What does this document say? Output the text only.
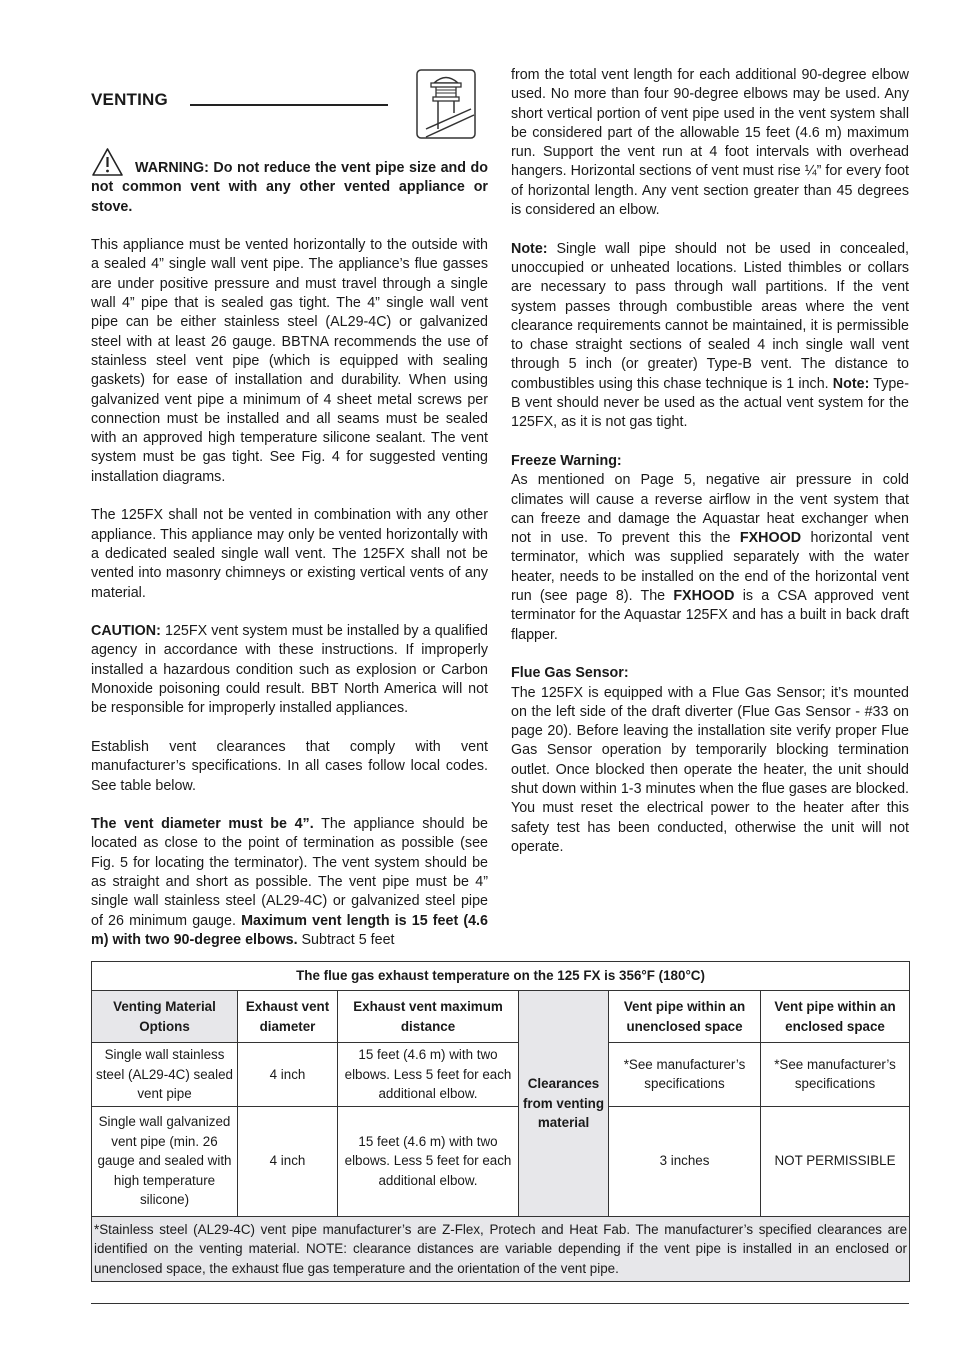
VENTING

WARNING: Do not reduce the vent pipe size and do not common vent with any other vented appliance or stove.

This appliance must be vented horizontally to the outside with a sealed 4” single wall vent pipe. The appliance’s flue gasses are under positive pressure and must travel through a single wall 4” pipe that is sealed gas tight. The 4” single wall vent pipe can be either stainless steel (AL29-4C) or galvanized steel with at least 26 gauge. BBTNA recommends the use of stainless steel vent pipe (which is equipped with sealing gaskets) for ease of installation and durability. When using galvanized vent pipe a minimum of 4 sheet metal screws per connection must be installed and all seams must be sealed with an approved high temperature silicone sealant. The vent system must be gas tight. See Fig. 4 for suggested venting installation diagrams.

The 125FX shall not be vented in combination with any other appliance. This appliance may only be vented horizontally with a dedicated sealed single wall vent. The 125FX shall not be vented into masonry chimneys or existing vertical vents of any material.

CAUTION: 125FX vent system must be installed by a qualified agency in accordance with these instructions. If improperly installed a hazardous condition such as explosion or Carbon Monoxide poisoning could result. BBT North America will not be responsible for improperly installed appliances.

Establish vent clearances that comply with vent manufacturer’s specifications. In all cases follow local codes. See table below.

The vent diameter must be 4”. The appliance should be located as close to the point of termination as possible (see Fig. 5 for locating the terminator). The vent system should be as straight and short as possible. The vent pipe must be 4” single wall stainless steel (AL29-4C) or galvanized steel pipe of 26 minimum gauge. Maximum vent length is 15 feet (4.6 m) with two 90-degree elbows. Subtract 5 feet

from the total vent length for each additional 90-degree elbow used. No more than four 90-degree elbows may be used. Any short vertical portion of vent pipe used in the vent system shall be considered part of the allowable 15 feet (4.6 m) maximum run. Support the vent run at 4 foot intervals with overhead hangers. Horizontal sections of vent must rise ¼” for every foot of horizontal length. Any vent section greater than 45 degrees is considered an elbow.

Note: Single wall pipe should not be used in concealed, unoccupied or unheated locations. Listed thimbles or collars are necessary to pass through wall partitions. If the vent system passes through combustible areas where the vent clearance requirements cannot be maintained, it is permissible to chase straight sections of sealed 4 inch single wall vent through 5 inch (or greater) Type-B vent. The distance to combustibles using this chase technique is 1 inch. Note: Type-B vent should never be used as the actual vent system for the 125FX, as it is not gas tight.

Freeze Warning:

As mentioned on Page 5, negative air pressure in cold climates will cause a reverse airflow in the vent system that can freeze and damage the Aquastar heat exchanger when not in use. To prevent this the FXHOOD horizontal vent terminator, which was supplied separately with the water heater, needs to be installed on the end of the horizontal vent run (see page 8). The FXHOOD is a CSA approved vent terminator for the Aquastar 125FX and has a built in back draft flapper.

Flue Gas Sensor:

The 125FX is equipped with a Flue Gas Sensor; it’s mounted on the left side of the draft diverter (Flue Gas Sensor - #33 on page 20). Before leaving the installation site verify proper Flue Gas Sensor operation by temporarily blocking termination outlet. Once blocked then operate the heater, the unit should shut down within 1-3 minutes when the flue gases are blocked. You must reset the electrical power to the heater after this safety test has been conducted, otherwise the unit will not operate.

The flue gas exhaust temperature on the 125 FX is 356°F (180°C)					
Venting Material Options	Exhaust vent diameter	Exhaust vent maximum distance	Clearances from venting material	Vent pipe within an unenclosed space	Vent pipe within an enclosed space
Single wall stainless steel (AL29-4C) sealed vent pipe	4 inch	15 feet (4.6 m) with two elbows. Less 5 feet for each additional elbow.		*See manufacturer’s specifications	*See manufacturer’s specifications
Single wall galvanized vent pipe (min. 26 gauge and sealed with high temperature silicone)	4 inch	15 feet (4.6 m) with two elbows. Less 5 feet for each additional elbow.		3 inches	NOT PERMISSIBLE
*Stainless steel (AL29-4C) vent pipe manufacturer’s are Z-Flex, Protech and Heat Fab. The manufacturer’s specified clearances are identified on the venting material. NOTE: clearance distances are variable depending if the vent pipe is installed in an enclosed or unenclosed space, the exhaust flue gas temperature and the orientation of the vent pipe.					
